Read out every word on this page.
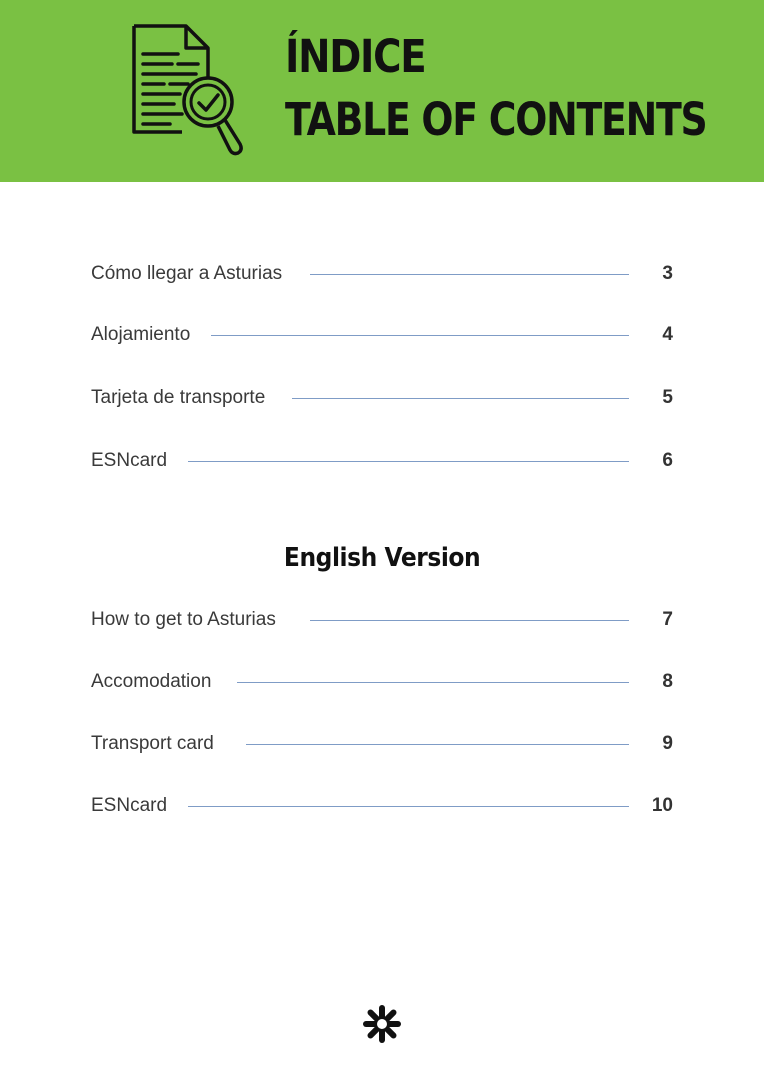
ÍNDICE
TABLE OF CONTENTS
Cómo llegar a Asturias	3
Alojamiento	4
Tarjeta de transporte	5
ESNcard	6
English Version
How to get to Asturias	7
Accomodation	8
Transport card	9
ESNcard	10
